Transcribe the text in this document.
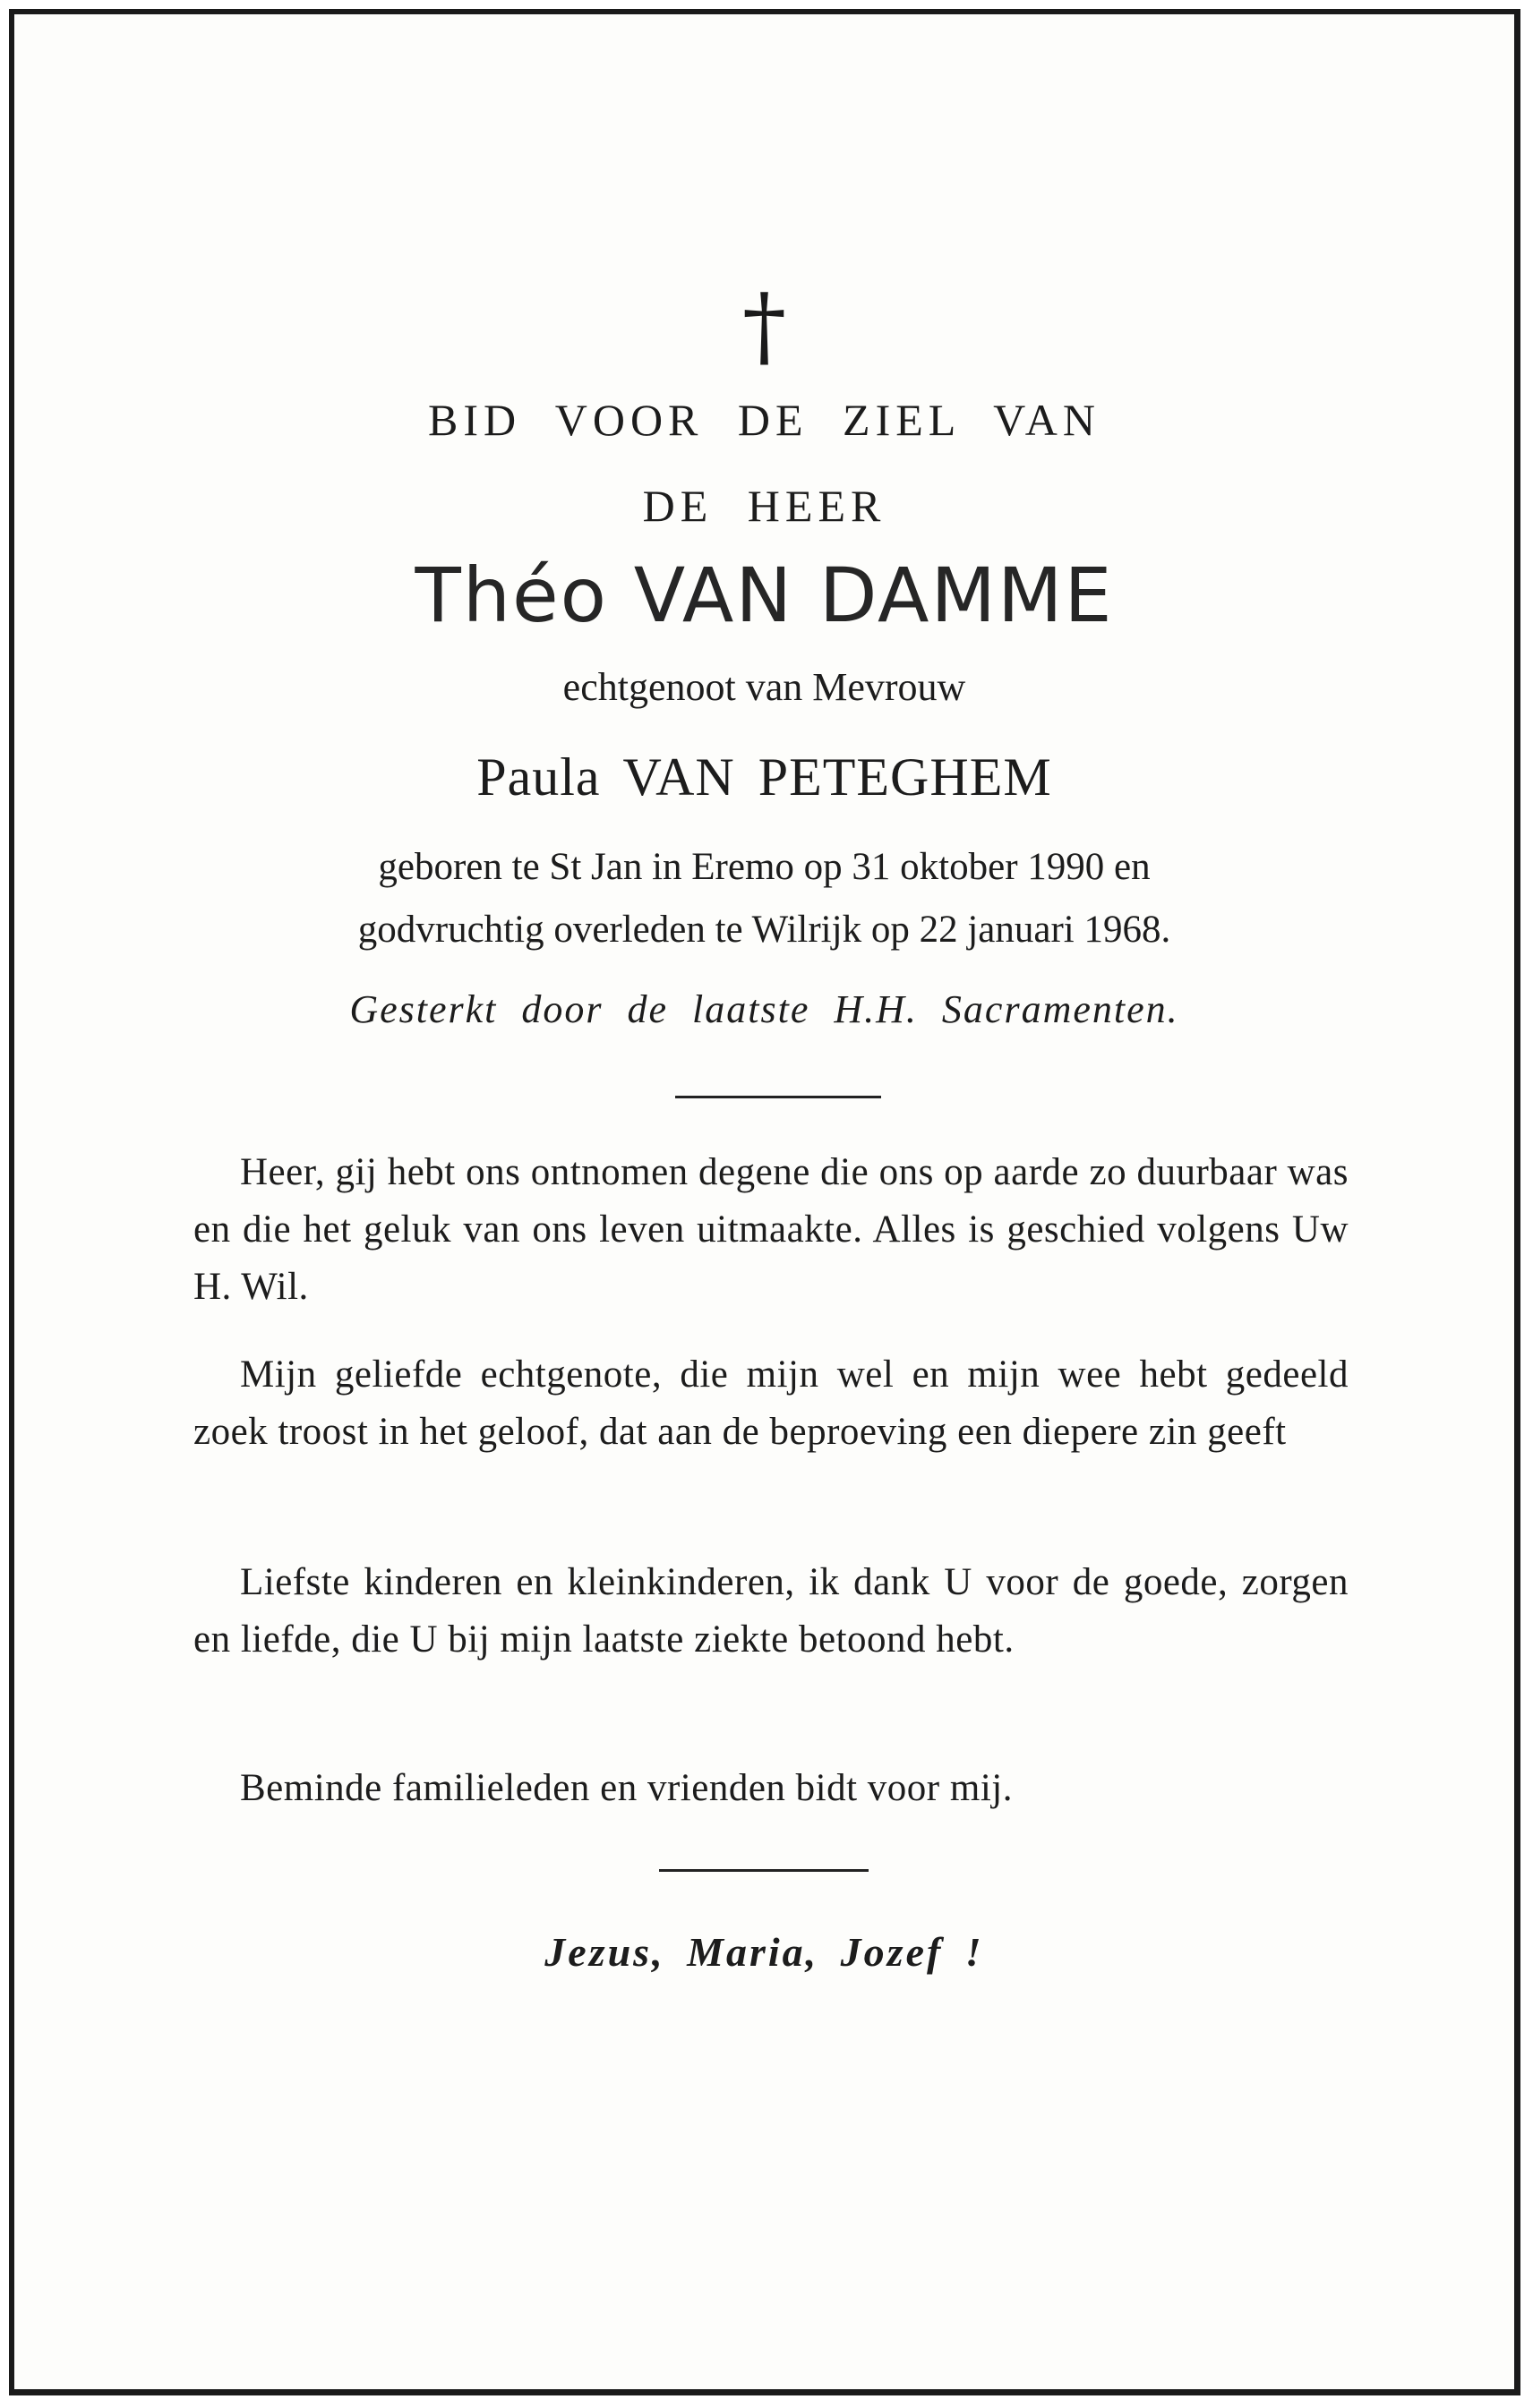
†
BID VOOR DE ZIEL VAN
DE HEER
Théo VAN DAMME
echtgenoot van Mevrouw
Paula VAN PETEGHEM
geboren te St Jan in Eremo op 31 oktober 1990 en
godvruchtig overleden te Wilrijk op 22 januari 1968.
Gesterkt door de laatste H.H. Sacramenten.
Heer, gij hebt ons ontnomen degene die ons op aarde zo duurbaar was en die het geluk van ons leven uitmaakte. Alles is geschied volgens Uw H. Wil.
Mijn geliefde echtgenote, die mijn wel en mijn wee hebt gedeeld zoek troost in het geloof, dat aan de beproeving een diepere zin geeft
Liefste kinderen en kleinkinderen, ik dank U voor de goede, zorgen en liefde, die U bij mijn laatste ziekte betoond hebt.
Beminde familieleden en vrienden bidt voor mij.
Jezus, Maria, Jozef !
